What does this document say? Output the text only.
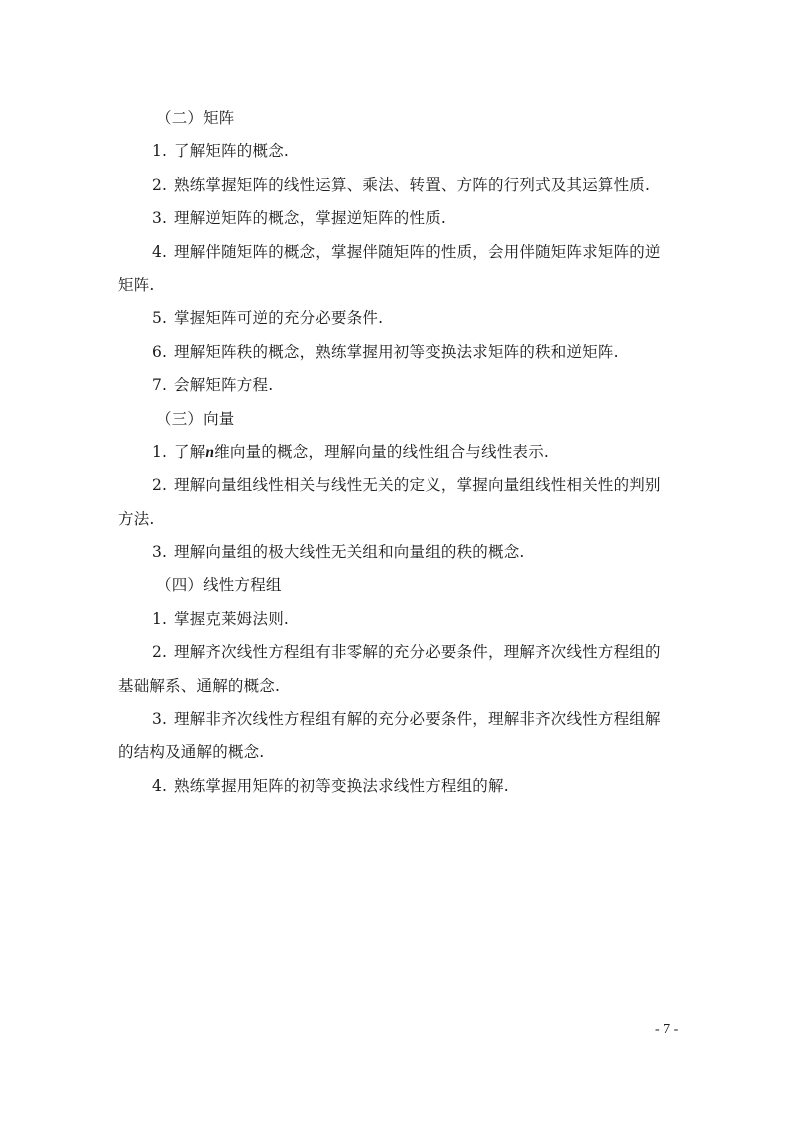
（二）矩阵
1. 了解矩阵的概念.
2. 熟练掌握矩阵的线性运算、乘法、转置、方阵的行列式及其运算性质.
3. 理解逆矩阵的概念，掌握逆矩阵的性质.
4. 理解伴随矩阵的概念，掌握伴随矩阵的性质，会用伴随矩阵求矩阵的逆
矩阵.
5. 掌握矩阵可逆的充分必要条件.
6. 理解矩阵秩的概念，熟练掌握用初等变换法求矩阵的秩和逆矩阵.
7. 会解矩阵方程.
（三）向量
1. 了解n维向量的概念，理解向量的线性组合与线性表示.
2. 理解向量组线性相关与线性无关的定义，掌握向量组线性相关性的判别
方法.
3. 理解向量组的极大线性无关组和向量组的秩的概念.
（四）线性方程组
1. 掌握克莱姆法则.
2. 理解齐次线性方程组有非零解的充分必要条件，理解齐次线性方程组的
基础解系、通解的概念.
3. 理解非齐次线性方程组有解的充分必要条件，理解非齐次线性方程组解
的结构及通解的概念.
4. 熟练掌握用矩阵的初等变换法求线性方程组的解.
- 7 -
